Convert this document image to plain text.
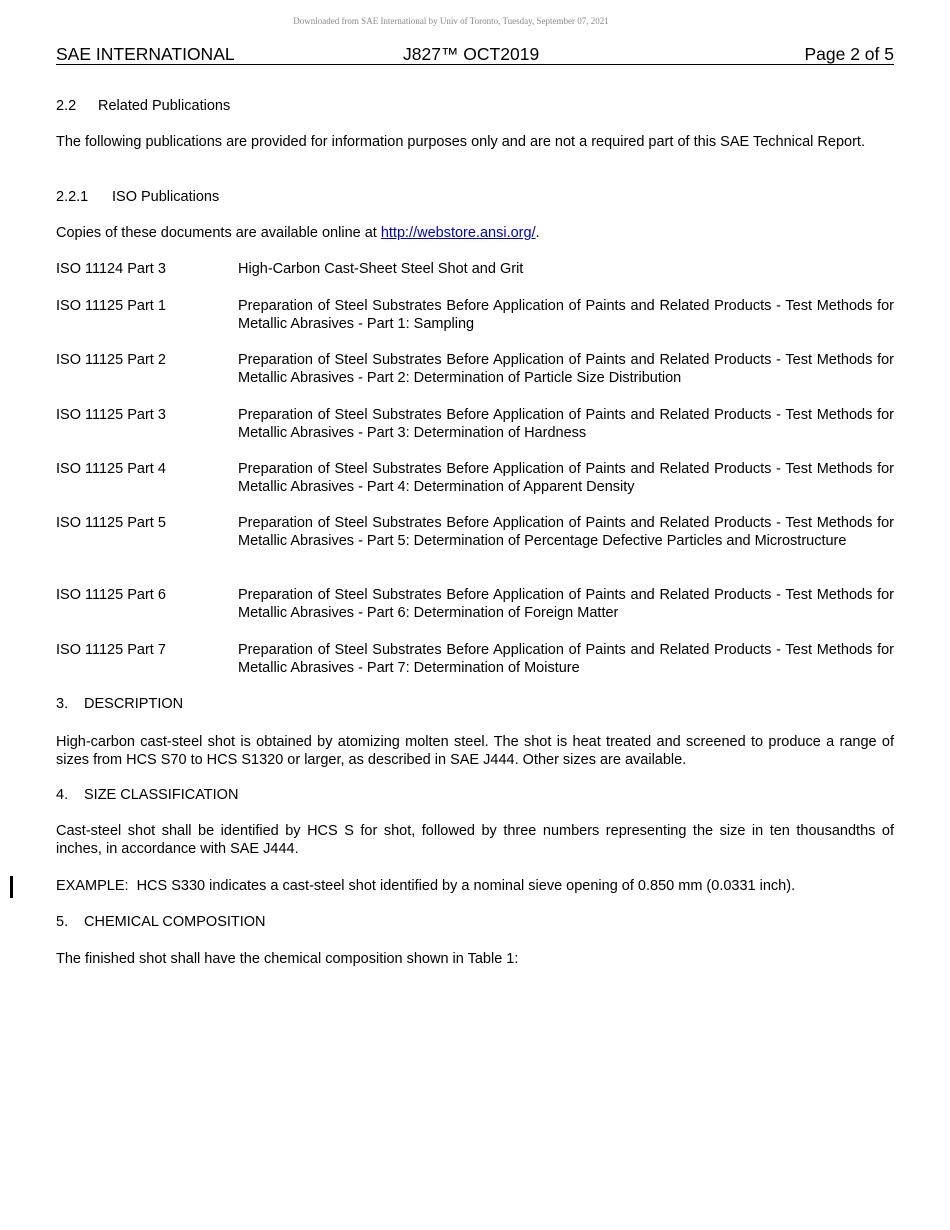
Downloaded from SAE International by Univ of Toronto, Tuesday, September 07, 2021
SAE INTERNATIONAL	J827™ OCT2019	Page 2 of 5
2.2 Related Publications
The following publications are provided for information purposes only and are not a required part of this SAE Technical Report.
2.2.1 ISO Publications
Copies of these documents are available online at http://webstore.ansi.org/.
ISO 11124 Part 3	High-Carbon Cast-Sheet Steel Shot and Grit
ISO 11125 Part 1	Preparation of Steel Substrates Before Application of Paints and Related Products - Test Methods for Metallic Abrasives - Part 1: Sampling
ISO 11125 Part 2	Preparation of Steel Substrates Before Application of Paints and Related Products - Test Methods for Metallic Abrasives - Part 2: Determination of Particle Size Distribution
ISO 11125 Part 3	Preparation of Steel Substrates Before Application of Paints and Related Products - Test Methods for Metallic Abrasives - Part 3: Determination of Hardness
ISO 11125 Part 4	Preparation of Steel Substrates Before Application of Paints and Related Products - Test Methods for Metallic Abrasives - Part 4: Determination of Apparent Density
ISO 11125 Part 5	Preparation of Steel Substrates Before Application of Paints and Related Products - Test Methods for Metallic Abrasives - Part 5: Determination of Percentage Defective Particles and Microstructure
ISO 11125 Part 6	Preparation of Steel Substrates Before Application of Paints and Related Products - Test Methods for Metallic Abrasives - Part 6: Determination of Foreign Matter
ISO 11125 Part 7	Preparation of Steel Substrates Before Application of Paints and Related Products - Test Methods for Metallic Abrasives - Part 7: Determination of Moisture
3. DESCRIPTION
High-carbon cast-steel shot is obtained by atomizing molten steel. The shot is heat treated and screened to produce a range of sizes from HCS S70 to HCS S1320 or larger, as described in SAE J444. Other sizes are available.
4. SIZE CLASSIFICATION
Cast-steel shot shall be identified by HCS S for shot, followed by three numbers representing the size in ten thousandths of inches, in accordance with SAE J444.
EXAMPLE:  HCS S330 indicates a cast-steel shot identified by a nominal sieve opening of 0.850 mm (0.0331 inch).
5. CHEMICAL COMPOSITION
The finished shot shall have the chemical composition shown in Table 1:
